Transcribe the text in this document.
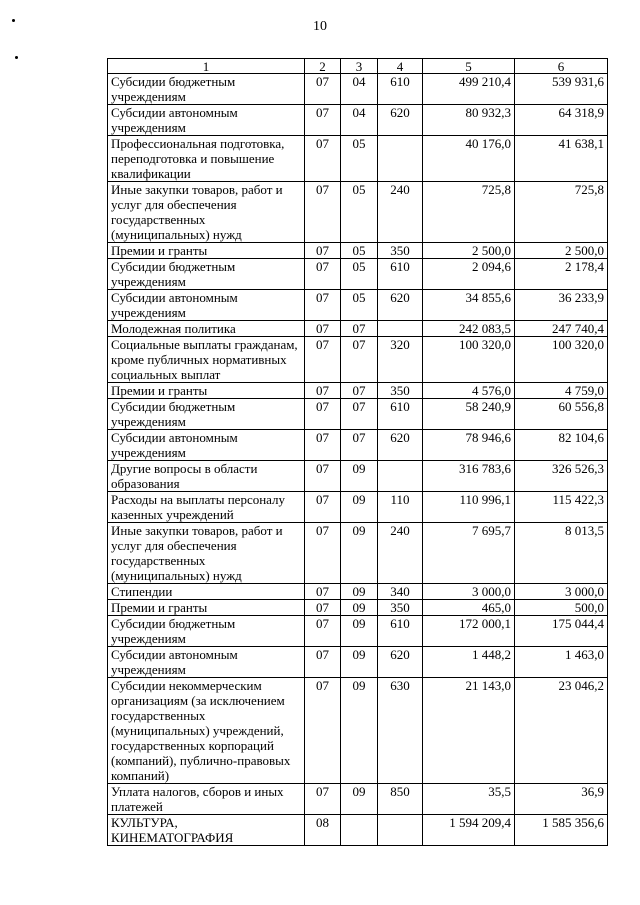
10
1	2	3	4	5	6
Субсидии бюджетным учреждениям	07	04	610	499 210,4	539 931,6
Субсидии автономным учреждениям	07	04	620	80 932,3	64 318,9
Профессиональная подготовка, переподготовка и повышение квалификации	07	05		40 176,0	41 638,1
Иные закупки товаров, работ и услуг для обеспечения государственных (муниципальных) нужд	07	05	240	725,8	725,8
Премии и гранты	07	05	350	2 500,0	2 500,0
Субсидии бюджетным учреждениям	07	05	610	2 094,6	2 178,4
Субсидии автономным учреждениям	07	05	620	34 855,6	36 233,9
Молодежная политика	07	07		242 083,5	247 740,4
Социальные выплаты гражданам, кроме публичных нормативных социальных выплат	07	07	320	100 320,0	100 320,0
Премии и гранты	07	07	350	4 576,0	4 759,0
Субсидии бюджетным учреждениям	07	07	610	58 240,9	60 556,8
Субсидии автономным учреждениям	07	07	620	78 946,6	82 104,6
Другие вопросы в области образования	07	09		316 783,6	326 526,3
Расходы на выплаты персоналу казенных учреждений	07	09	110	110 996,1	115 422,3
Иные закупки товаров, работ и услуг для обеспечения государственных (муниципальных) нужд	07	09	240	7 695,7	8 013,5
Стипендии	07	09	340	3 000,0	3 000,0
Премии и гранты	07	09	350	465,0	500,0
Субсидии бюджетным учреждениям	07	09	610	172 000,1	175 044,4
Субсидии автономным учреждениям	07	09	620	1 448,2	1 463,0
Субсидии некоммерческим организациям (за исключением государственных (муниципальных) учреждений, государственных корпораций (компаний), публично-правовых компаний)	07	09	630	21 143,0	23 046,2
Уплата налогов, сборов и иных платежей	07	09	850	35,5	36,9
КУЛЬТУРА, КИНЕМАТОГРАФИЯ	08			1 594 209,4	1 585 356,6
